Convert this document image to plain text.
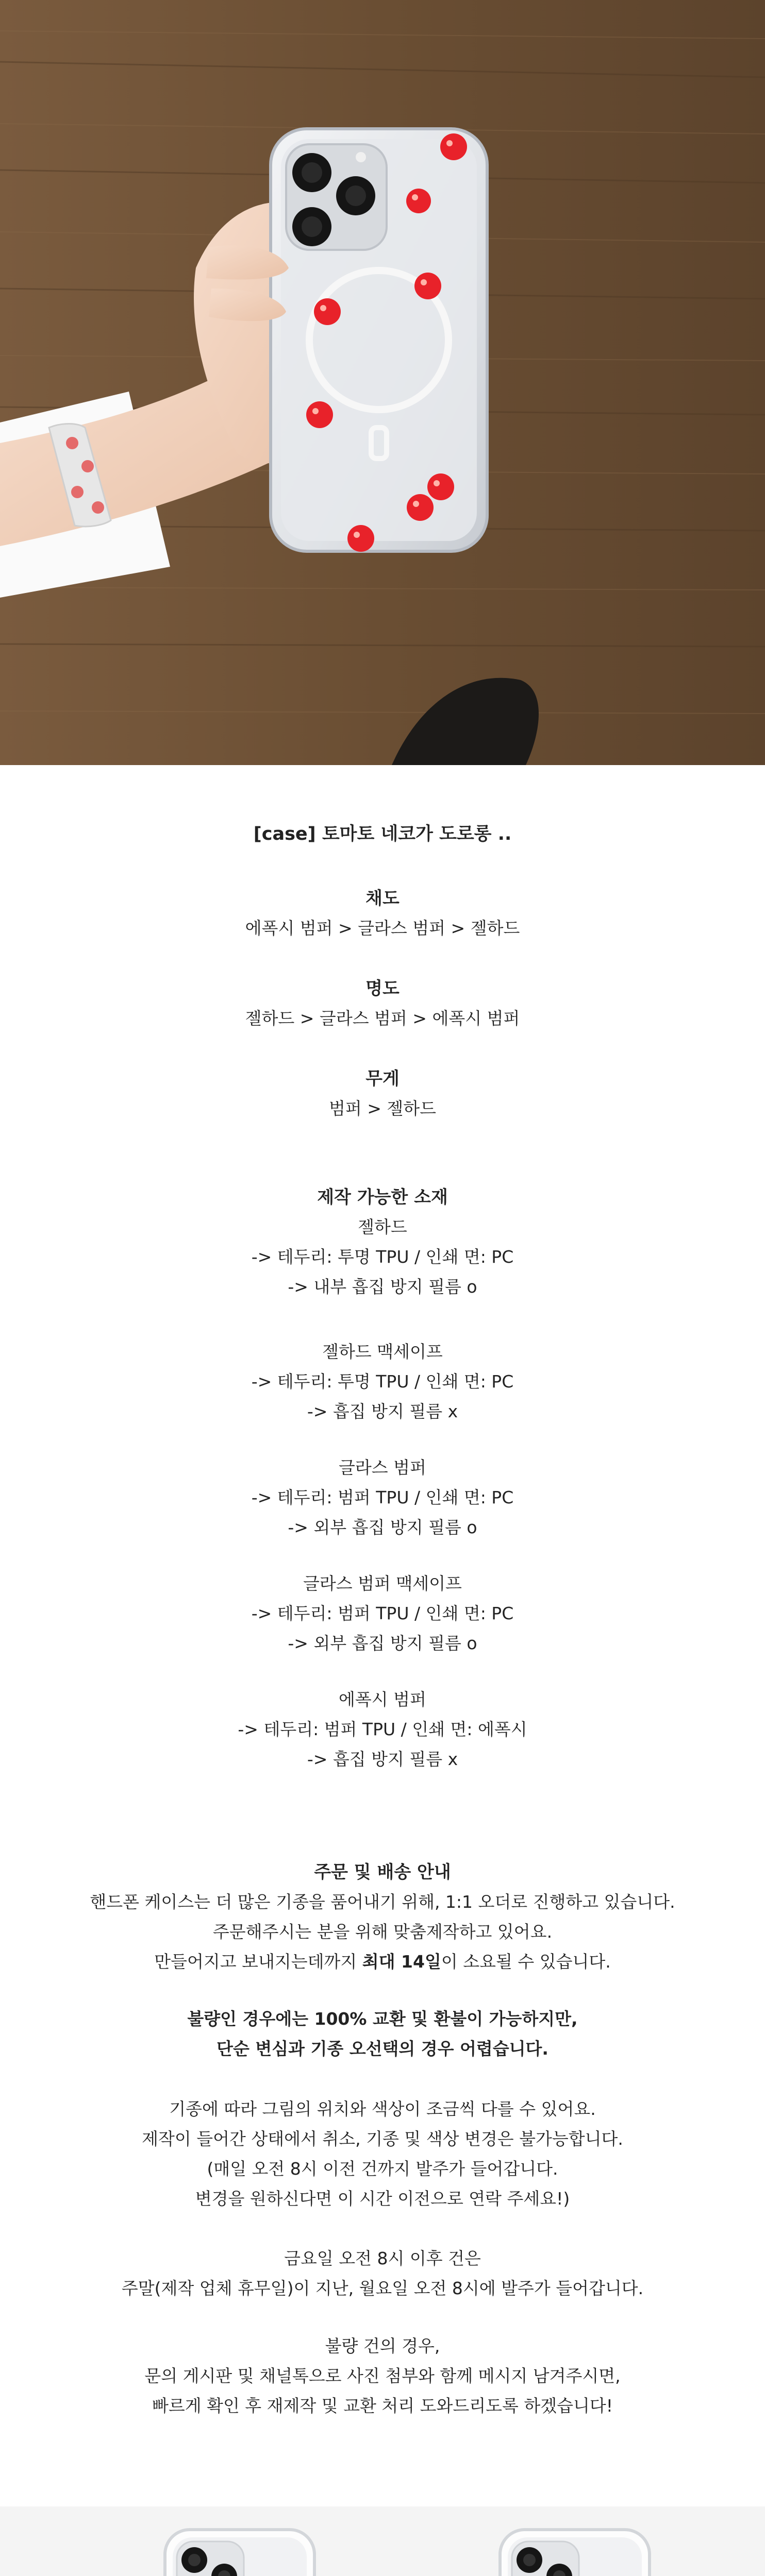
[case] 토마토 네코가 도로롱 ..

채도

에폭시 범퍼 > 글라스 범퍼 > 젤하드

명도

젤하드 > 글라스 범퍼 > 에폭시 범퍼

무게

범퍼 > 젤하드

제작 가능한 소재

젤하드

-> 테두리: 투명 TPU / 인쇄 면: PC

-> 내부 흡집 방지 필름 o

젤하드 맥세이프

-> 테두리: 투명 TPU / 인쇄 면: PC

-> 흡집 방지 필름 x

글라스 범퍼

-> 테두리: 범퍼 TPU / 인쇄 면: PC

-> 외부 흡집 방지 필름 o

글라스 범퍼 맥세이프

-> 테두리: 범퍼 TPU / 인쇄 면: PC

-> 외부 흡집 방지 필름 o

에폭시 범퍼

-> 테두리: 범퍼 TPU / 인쇄 면: 에폭시

-> 흡집 방지 필름 x

주문 및 배송 안내

핸드폰 케이스는 더 많은 기종을 품어내기 위해, 1:1 오더로 진행하고 있습니다.

주문해주시는 분을 위해 맞춤제작하고 있어요.

만들어지고 보내지는데까지 최대 14일이 소요될 수 있습니다.

불량인 경우에는 100% 교환 및 환불이 가능하지만,

단순 변심과 기종 오선택의 경우 어렵습니다.

기종에 따라 그림의 위치와 색상이 조금씩 다를 수 있어요.

제작이 들어간 상태에서 취소, 기종 및 색상 변경은 불가능합니다.

(매일 오전 8시 이전 건까지 발주가 들어갑니다.

변경을 원하신다면 이 시간 이전으로 연락 주세요!)

금요일 오전 8시 이후 건은

주말(제작 업체 휴무일)이 지난, 월요일 오전 8시에 발주가 들어갑니다.

불량 건의 경우,

문의 게시판 및 채널톡으로 사진 첨부와 함께 메시지 남겨주시면,

빠르게 확인 후 재제작 및 교환 처리 도와드리도록 하겠습니다!
